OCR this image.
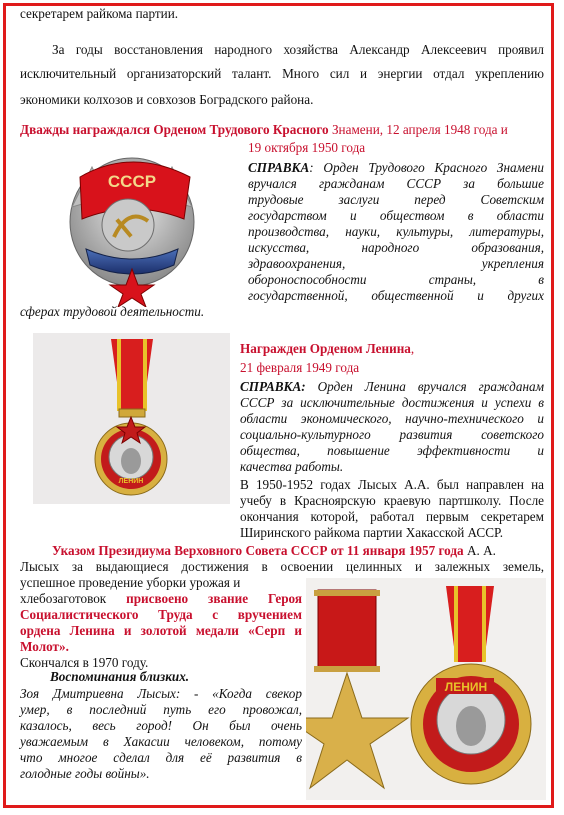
секретарем райкома партии.
За годы восстановления народного хозяйства Александр Алексеевич проявил
исключительный организаторский талант. Много сил и энергии отдал укреплению
экономики колхозов и совхозов Боградского района.
Дважды награждался Орденом Трудового Красного Знамени, 12 апреля 1948 года и
19 октября 1950 года
СССР
СПРАВКА: Орден Трудового Красного Знамени
вручался гражданам СССР за большие
трудовые заслуги перед Советским
государством и обществом в области
производства, науки, культуры, литературы,
искусства, народного образования,
здравоохранения, укрепления
обороноспособности страны, в
государственной, общественной и других
сферах трудовой деятельности.
ЛЕНИН
Награжден Орденом Ленина,
21 февраля 1949 года
СПРАВКА: Орден Ленина вручался гражданам
СССР за исключительные достижения и успехи в
области экономического, научно-технического и
социально-культурного развития советского
общества, повышение эффективности и
качества работы.
В 1950-1952 годах Лысых А.А. был направлен на
учебу в Красноярскую краевую партшколу. После
окончания которой, работал первым секретарем
Ширинского райкома партии Хакасской АССР.
Указом Президиума Верховного Совета СССР от 11 января 1957 года А. А.
Лысых за выдающиеся достижения в освоении целинных и залежных земель,
успешное проведение уборки урожая и
хлебозаготовок присвоено звание Героя
Социалистического Труда с вручением
ордена Ленина и золотой медали «Серп и
Молот».
Скончался в 1970 году.
Воспоминания близких.
Зоя Дмитриевна Лысых: - «Когда свекор
умер, в последний путь его провожал,
казалось, весь город! Он был очень
уважаемым в Хакасии человеком, потому
что многое сделал для её развития в
голодные годы войны».
ЛЕНИН
